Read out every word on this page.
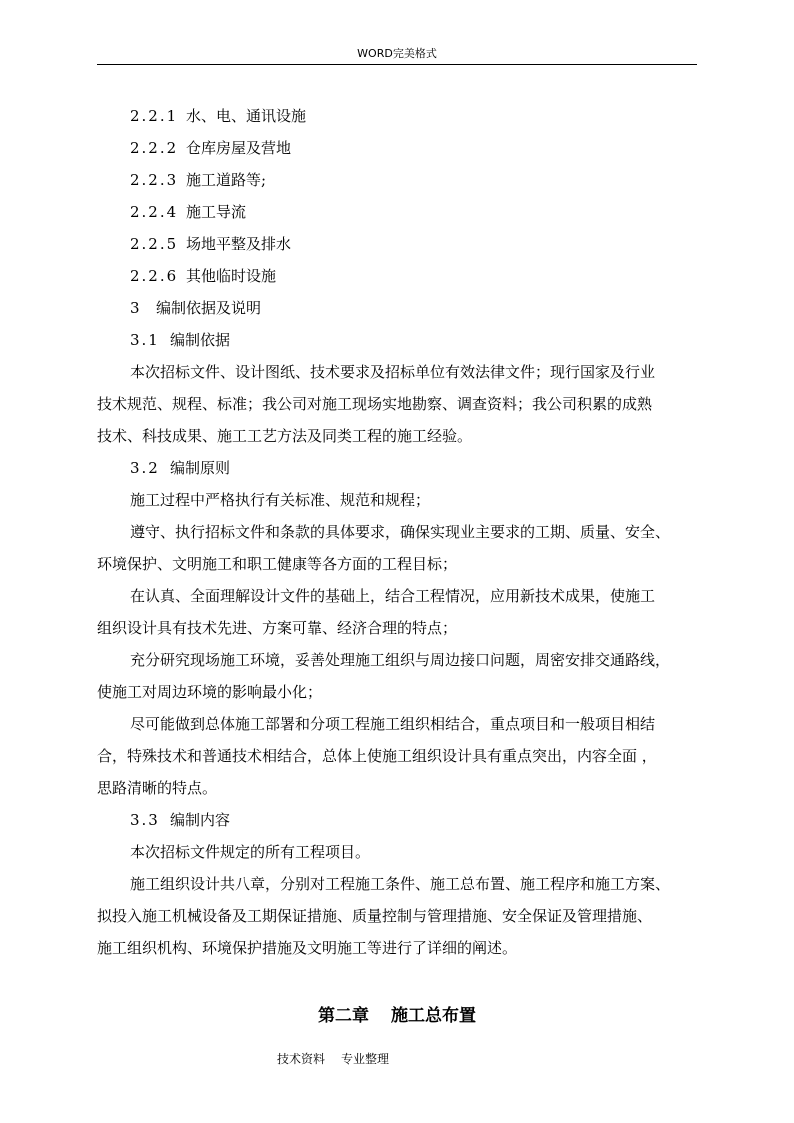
WORD完美格式
2.2.1 水、电、通讯设施
2.2.2 仓库房屋及营地
2.2.3 施工道路等;
2.2.4 施工导流
2.2.5 场地平整及排水
2.2.6 其他临时设施
3 编制依据及说明
3.1 编制依据
本次招标文件、设计图纸、技术要求及招标单位有效法律文件；现行国家及行业
技术规范、规程、标准；我公司对施工现场实地勘察、调查资料；我公司积累的成熟
技术、科技成果、施工工艺方法及同类工程的施工经验。
3.2 编制原则
施工过程中严格执行有关标准、规范和规程；
遵守、执行招标文件和条款的具体要求，确保实现业主要求的工期、质量、安全、
环境保护、文明施工和职工健康等各方面的工程目标；
在认真、全面理解设计文件的基础上，结合工程情况，应用新技术成果，使施工
组织设计具有技术先进、方案可靠、经济合理的特点；
充分研究现场施工环境，妥善处理施工组织与周边接口问题，周密安排交通路线，
使施工对周边环境的影响最小化；
尽可能做到总体施工部署和分项工程施工组织相结合，重点项目和一般项目相结
合，特殊技术和普通技术相结合，总体上使施工组织设计具有重点突出，内容全面 ，
思路清晰的特点。
3.3 编制内容
本次招标文件规定的所有工程项目。
施工组织设计共八章，分别对工程施工条件、施工总布置、施工程序和施工方案、
拟投入施工机械设备及工期保证措施、质量控制与管理措施、安全保证及管理措施、
施工组织机构、环境保护措施及文明施工等进行了详细的阐述。
第二章 施工总布置
技术资料 专业整理
